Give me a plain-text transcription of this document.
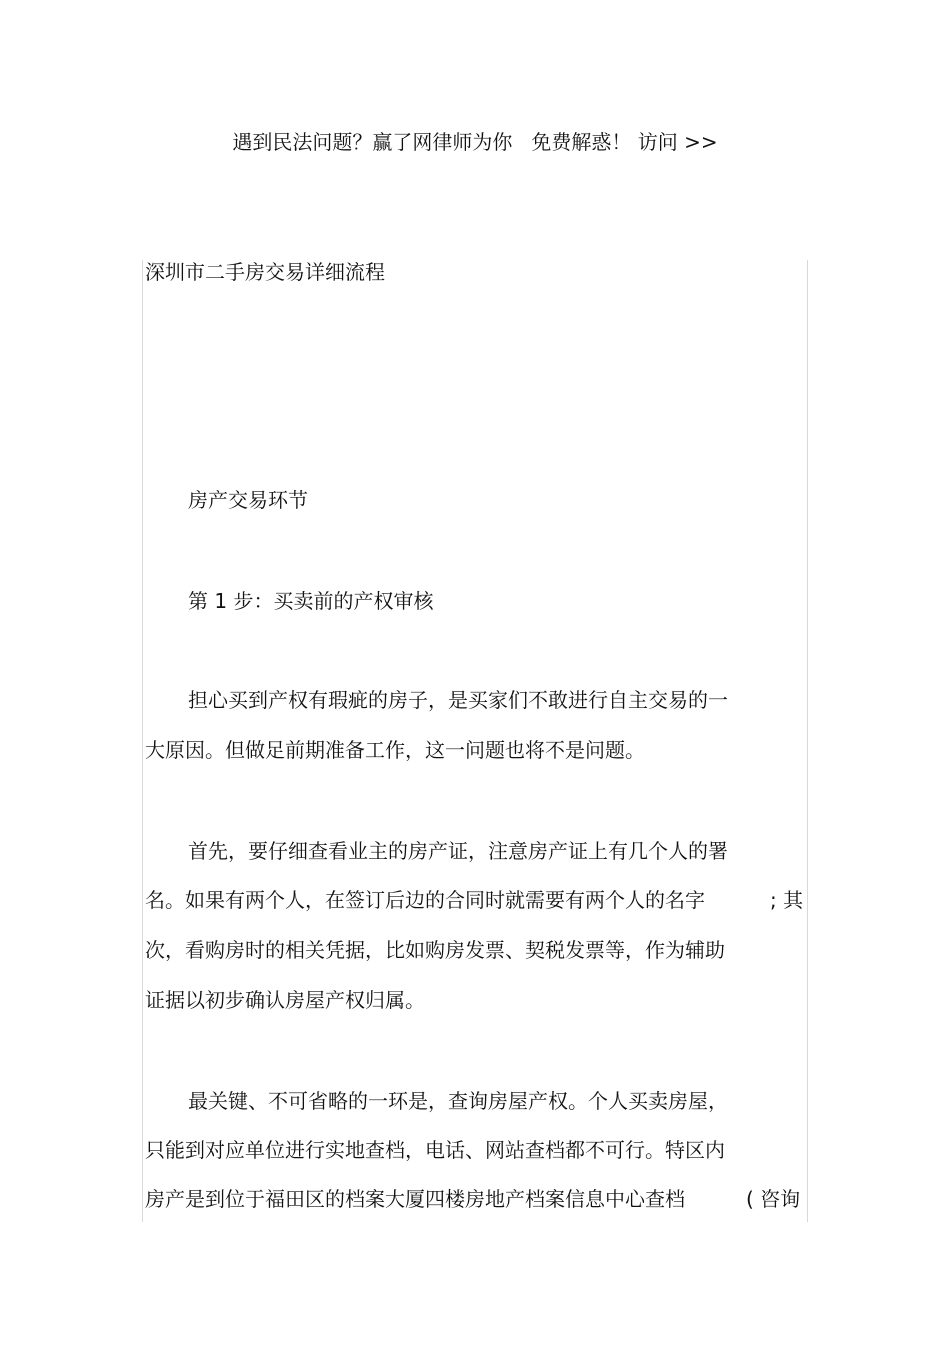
遇到民法问题？赢了网律师为你   免费解惑！ 访问 >>
深圳市二手房交易详细流程
房产交易环节
第 1 步：买卖前的产权审核
担心买到产权有瑕疵的房子，是买家们不敢进行自主交易的一
大原因。但做足前期准备工作，这一问题也将不是问题。
首先，要仔细查看业主的房产证，注意房产证上有几个人的署
名。如果有两个人，在签订后边的合同时就需要有两个人的名字	; 其
次，看购房时的相关凭据，比如购房发票、契税发票等，作为辅助
证据以初步确认房屋产权归属。
最关键、不可省略的一环是，查询房屋产权。个人买卖房屋，
只能到对应单位进行实地查档，电话、网站查档都不可行。特区内
房产是到位于福田区的档案大厦四楼房地产档案信息中心查档	( 咨询
